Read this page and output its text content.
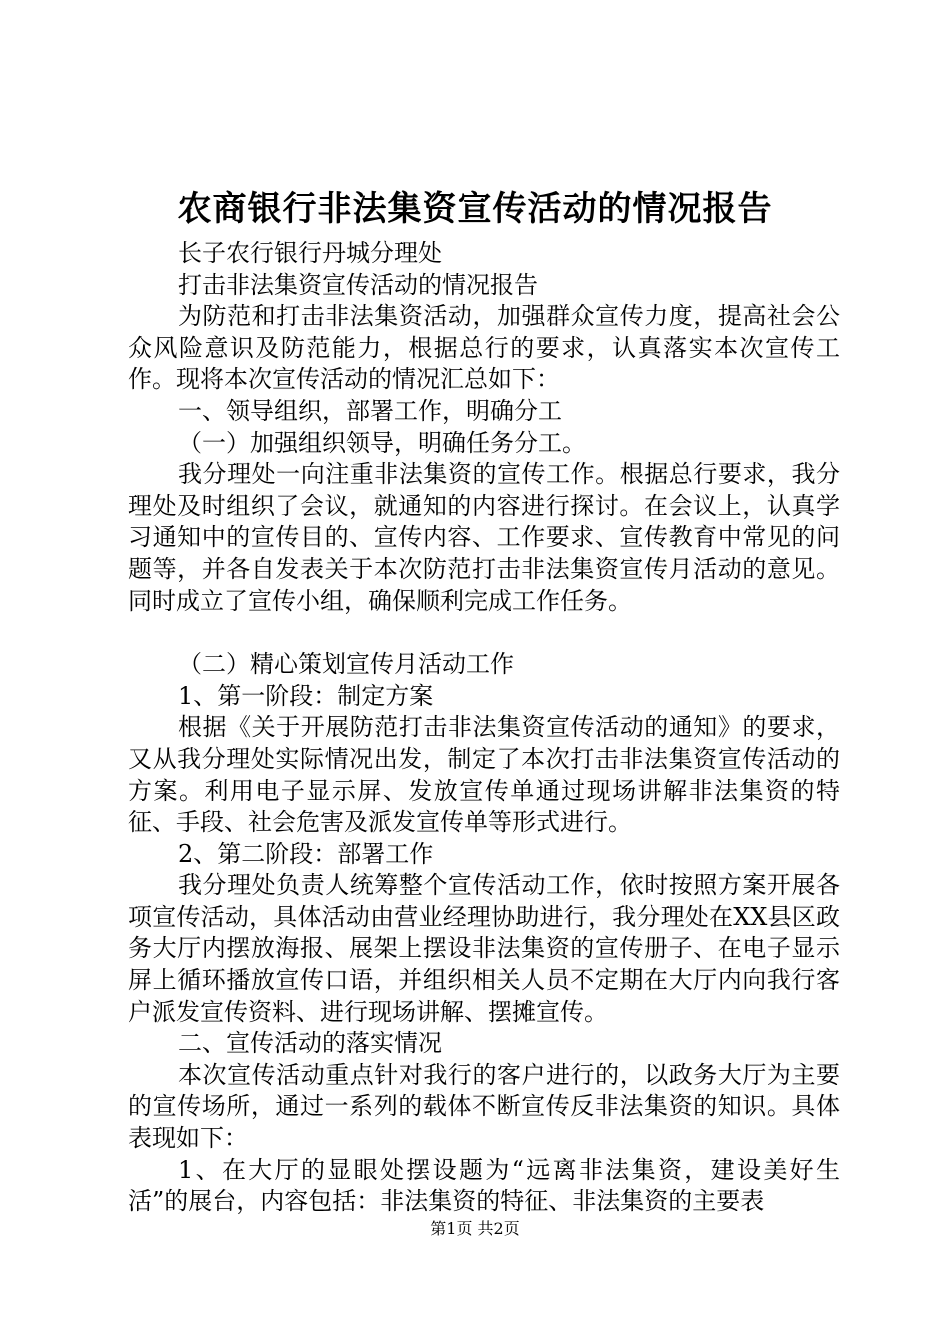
农商银行非法集资宣传活动的情况报告

长子农行银行丹城分理处

打击非法集资宣传活动的情况报告

为防范和打击非法集资活动，加强群众宣传力度，提高社会公众风险意识及防范能力，根据总行的要求，认真落实本次宣传工作。现将本次宣传活动的情况汇总如下：

一、领导组织，部署工作，明确分工

（一）加强组织领导，明确任务分工。

我分理处一向注重非法集资的宣传工作。根据总行要求，我分理处及时组织了会议，就通知的内容进行探讨。在会议上，认真学习通知中的宣传目的、宣传内容、工作要求、宣传教育中常见的问题等，并各自发表关于本次防范打击非法集资宣传月活动的意见。同时成立了宣传小组，确保顺利完成工作任务。

（二）精心策划宣传月活动工作

1、第一阶段：制定方案

根据《关于开展防范打击非法集资宣传活动的通知》的要求，又从我分理处实际情况出发，制定了本次打击非法集资宣传活动的方案。利用电子显示屏、发放宣传单通过现场讲解非法集资的特征、手段、社会危害及派发宣传单等形式进行。

2、第二阶段：部署工作

我分理处负责人统筹整个宣传活动工作，依时按照方案开展各项宣传活动，具体活动由营业经理协助进行，我分理处在XX县区政务大厅内摆放海报、展架上摆设非法集资的宣传册子、在电子显示屏上循环播放宣传口语，并组织相关人员不定期在大厅内向我行客户派发宣传资料、进行现场讲解、摆摊宣传。

二、宣传活动的落实情况

本次宣传活动重点针对我行的客户进行的，以政务大厅为主要的宣传场所，通过一系列的载体不断宣传反非法集资的知识。具体表现如下：

1、在大厅的显眼处摆设题为“远离非法集资，建设美好生活”的展台，内容包括：非法集资的特征、非法集资的主要表

第1页 共2页
